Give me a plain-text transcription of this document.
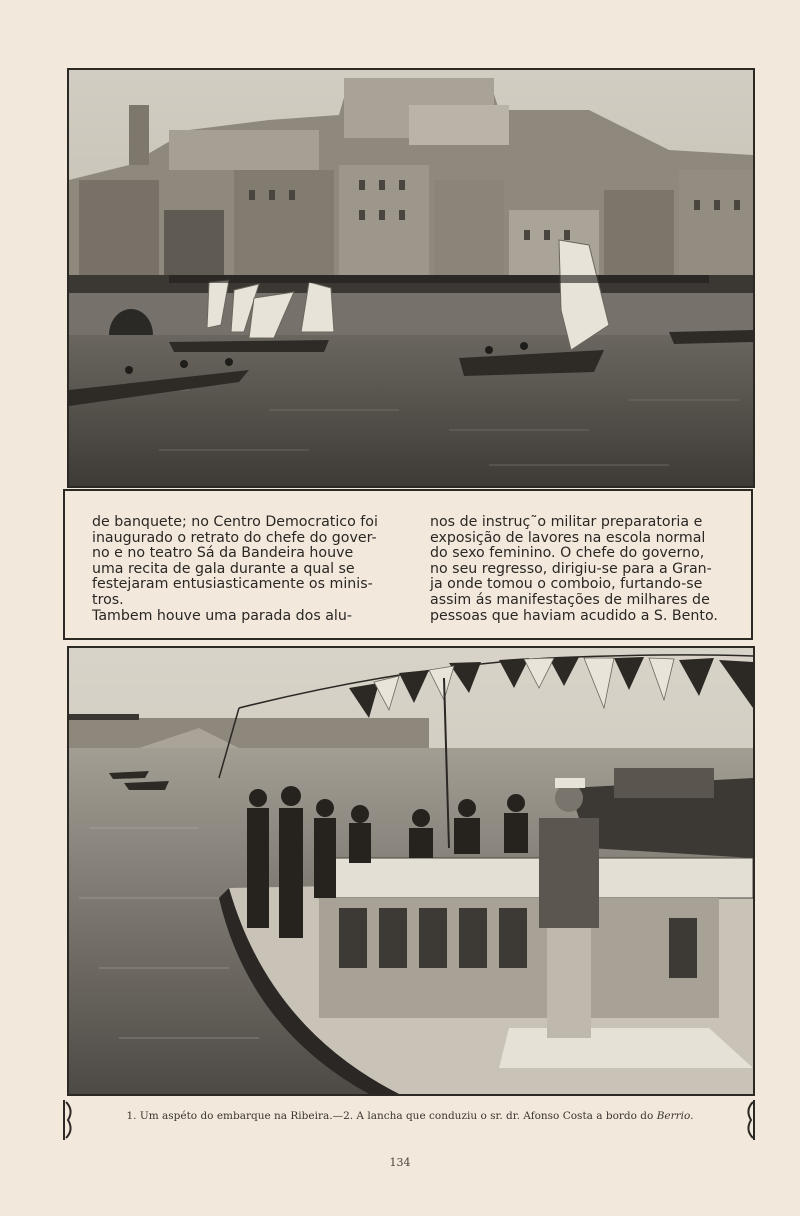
de banquete; no Centro Democratico foi
inaugurado o retrato do chefe do gover-
no e no teatro Sá da Bandeira houve
uma recita de gala durante a qual se
festejaram entusiasticamente os minis-
tros.
Tambem houve uma parada dos alu-

nos de instruç˜o militar preparatoria e
exposição de lavores na escola normal
do sexo feminino. O chefe do governo,
no seu regresso, dirigiu-se para a Gran-
ja onde tomou o comboio, furtando-se
assim ás manifestações de milhares de
pessoas que haviam acudido a S. Bento.

1. Um aspéto do embarque na Ribeira.—2. A lancha que conduziu o sr. dr. Afonso Costa a bordo do Berrio.
134
